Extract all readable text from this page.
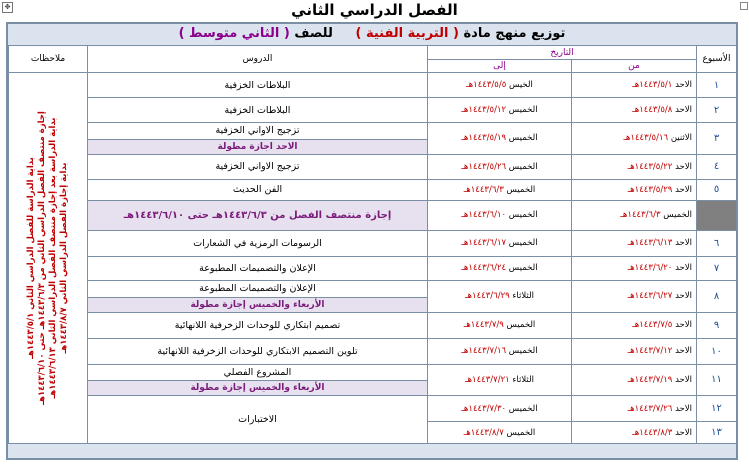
✥	الفصل الدراسي الثاني
توزيع منهج مادة ( التربية الفنية )     للصف ( الثاني متوسط )
الأسبوع	التاريخ		الدروس	ملاحظات
	من	إلى		
١	الاحد ١٤٤٣/٥/١هـ	الخيس ١٤٤٣/٥/٥هـ	البلاطات الخزفية	بداية الدراسة للفصل الدراسي الثاني ١٤٤٣/٥/١هـ
إجازة منتصف الفصل الدراسي الثاني من ١٤٤٣/٦/٣هـ حتى ١٤٤٣/٦/١٠هـ
بداية الدراسة بعد إجازة منتصف الفصل الدراسي الثاني ١٤٤٣/٦/١٣هـ
بداية إجازة الفصل الدراسي الثاني ١٤٤٣/٨/٧هـ

٢	الاحد ١٤٤٣/٥/٨هـ	الخميس ١٤٤٣/٥/١٢هـ	البلاطات الخزفية	
٣	الاثنين ١٤٤٣/٥/١٦هـ	الخميس ١٤٤٣/٥/١٩هـ	تزجيج الاواني الخزفية	
			الاحد اجازة مطولة	
٤	الاحد ١٤٤٣/٥/٢٢هـ	الخميس ١٤٤٣/٥/٢٦هـ	تزجيج الاواني الخزفية	
٥	الاحد ١٤٤٣/٥/٢٩هـ	الخميس ١٤٤٣/٦/٣هـ	الفن الحديث	
	الخميس ١٤٤٣/٦/٣هـ	الخميس ١٤٤٣/٦/١٠هـ	إجازة منتصف الفصل من ١٤٤٣/٦/٣هـ حتى ١٤٤٣/٦/١٠هـ	
٦	الاحد ١٤٤٣/٦/١٣هـ	الخميس ١٤٤٣/٦/١٧هـ	الرسومات الرمزية في الشعارات	
٧	الاحد ١٤٤٣/٦/٢٠هـ	الخميس ١٤٤٣/٦/٢٤هـ	الإعلان والتصميمات المطبوعة	
٨	الاحد ١٤٤٣/٦/٢٧هـ	الثلاثاء ١٤٤٣/٦/٢٩هـ	الإعلان والتصميمات المطبوعة	
			الأربعاء والخميس إجازة مطولة	
٩	الاحد ١٤٤٣/٧/٥هـ	الخميس ١٤٤٣/٧/٩هـ	تصميم ابتكاري للوحدات الزخرفية اللانهائية	
١٠	الاحد ١٤٤٣/٧/١٢هـ	الخميس ١٤٤٣/٧/١٦هـ	تلوين التصميم الابتكاري للوحدات الزخرفية اللانهائية	
١١	الاحد ١٤٤٣/٧/١٩هـ	الثلاثاء ١٤٤٣/٧/٢١هـ	المشروع الفصلي	
			الأربعاء والخميس إجازة مطولة	
١٢	الاحد ١٤٤٣/٧/٢٦هـ	الخميس ١٤٤٣/٧/٣٠هـ	الاختبارات	
١٣	الاحد ١٤٤٣/٨/٣هـ	الخميس ١٤٤٣/٨/٧هـ		
